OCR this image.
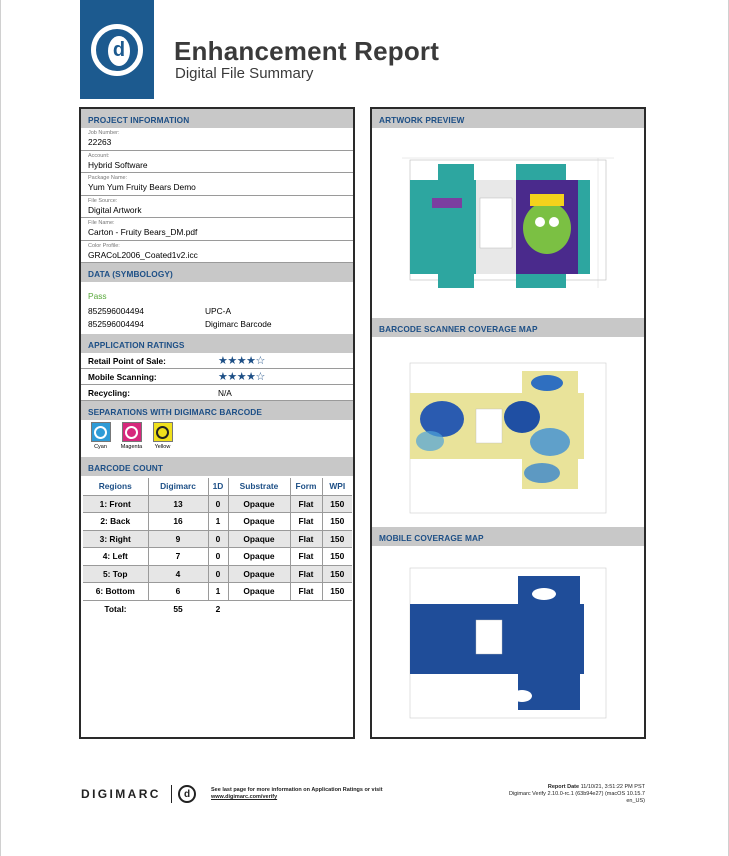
d Enhancement Report
Digital File Summary
PROJECT INFORMATION
Job Number:
22263
Account:
Hybrid Software
Package Name:
Yum Yum Fruity Bears Demo
File Source:
Digital Artwork
File Name:
Carton - Fruity Bears_DM.pdf
Color Profile:
GRACoL2006_Coated1v2.icc
DATA (SYMBOLOGY)
Pass
852596004494	UPC-A
852596004494	Digimarc Barcode
APPLICATION RATINGS
Retail Point of Sale:	★★★★☆
Mobile Scanning:	★★★★☆
Recycling:	N/A
SEPARATIONS WITH DIGIMARC BARCODE
Cyan	Magenta Yellow
BARCODE COUNT
Regions	Digimarc	1D	Substrate	Form	WPI
1: Front	13	0	Opaque	Flat	150
2: Back	16	1	Opaque	Flat	150
3: Right	9	0	Opaque	Flat	150
4: Left	7	0	Opaque	Flat	150
5: Top	4	0	Opaque	Flat	150
6: Bottom	6	1	Opaque	Flat	150
Total:	55	2			
ARTWORK PREVIEW
BARCODE SCANNER COVERAGE MAP
MOBILE COVERAGE MAP
DIGIMARC	d	See last page for more information on Application Ratings or visit
www.digimarc.com/verify
Report Date 11/10/21, 3:51:22 PM PST
Digimarc Verify 2.10.0-rc.1 (63b94e27) (macOS 10.15.7
en_US)
